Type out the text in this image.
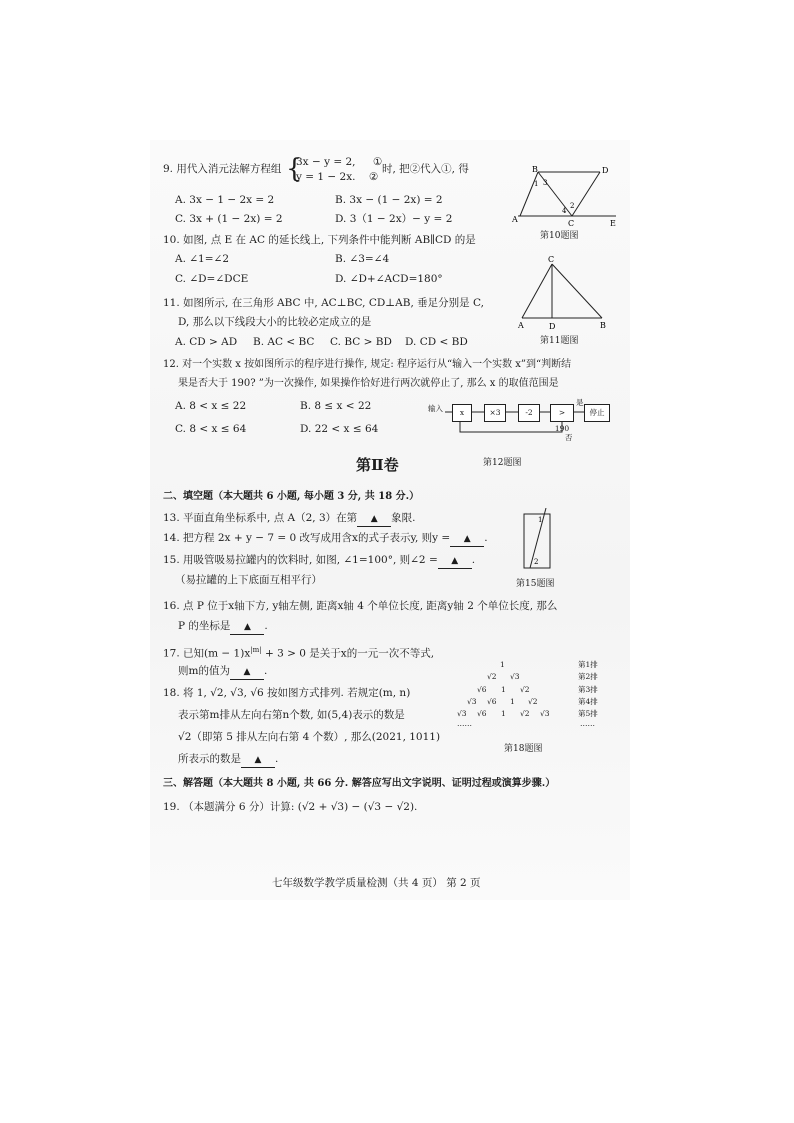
9. 用代入消元法解方程组 {
3x − y = 2, ①
y = 1 − 2x. ②
时, 把②代入①, 得
A. 3x − 1 − 2x = 2	B. 3x − (1 − 2x) = 2
C. 3x + (1 − 2x) = 2	D. 3（1 − 2x）− y = 2
B	D
A	C	E
1 3
4
2
第10题图
10. 如图, 点 E 在 AC 的延长线上, 下列条件中能判断 AB∥CD 的是
A. ∠1=∠2	B. ∠3=∠4
C. ∠D=∠DCE	D. ∠D+∠ACD=180°
C
A	D	B
第11题图
11. 如图所示, 在三角形 ABC 中, AC⊥BC, CD⊥AB, 垂足分别是 C,
D, 那么以下线段大小的比较必定成立的是
A. CD > AD B. AC < BC C. BC > BD D. CD < BD
12. 对一个实数 x 按如图所示的程序进行操作, 规定: 程序运行从“输入一个实数 x”到“判断结
果是否大于 190? ”为一次操作, 如果操作恰好进行两次就停止了, 那么 x 的取值范围是
A. 8 < x ≤ 22	B. 8 ≤ x < 22
C. 8 < x ≤ 64	D. 22 < x ≤ 64
输入	x	×3	-2	> 190
是
停止
否
第12题图
第Ⅱ卷
二、填空题（本大题共 6 小题, 每小题 3 分, 共 18 分.）
13. 平面直角坐标系中, 点 A（2, 3）在第 ▲ 象限.
14. 把方程 2x + y − 7 = 0 改写成用含x的式子表示y, 则y = ▲ .
1
2
第15题图
15. 用吸管吸易拉罐内的饮料时, 如图, ∠1=100°, 则∠2 = ▲ .
（易拉罐的上下底面互相平行）
16. 点 P 位于x轴下方, y轴左侧, 距离x轴 4 个单位长度, 距离y轴 2 个单位长度, 那么
P 的坐标是 ▲ .
17. 已知$(m - 1)x^{|m|} + 3 > 0$ 是关于x的一元一次不等式,
则m的值为 ▲ .
1
√2 √3
√6 1 √2
√3 √6 1 √2
√3 √6 1 √2 √3
……
第1排
第2排
第3排
第4排
第5排
……
第18题图
18. 将 1, √2, √3, √6 按如图方式排列. 若规定(m, n)
表示第m排从左向右第n个数, 如(5,4)表示的数是
√2（即第 5 排从左向右第 4 个数）, 那么(2021, 1011)
所表示的数是 ▲ .
三、解答题（本大题共 8 小题, 共 66 分. 解答应写出文字说明、证明过程或演算步骤.）
19. （本题满分 6 分）计算: (√2 + √3) − (√3 − √2).
七年级数学教学质量检测（共 4 页） 第 2 页
